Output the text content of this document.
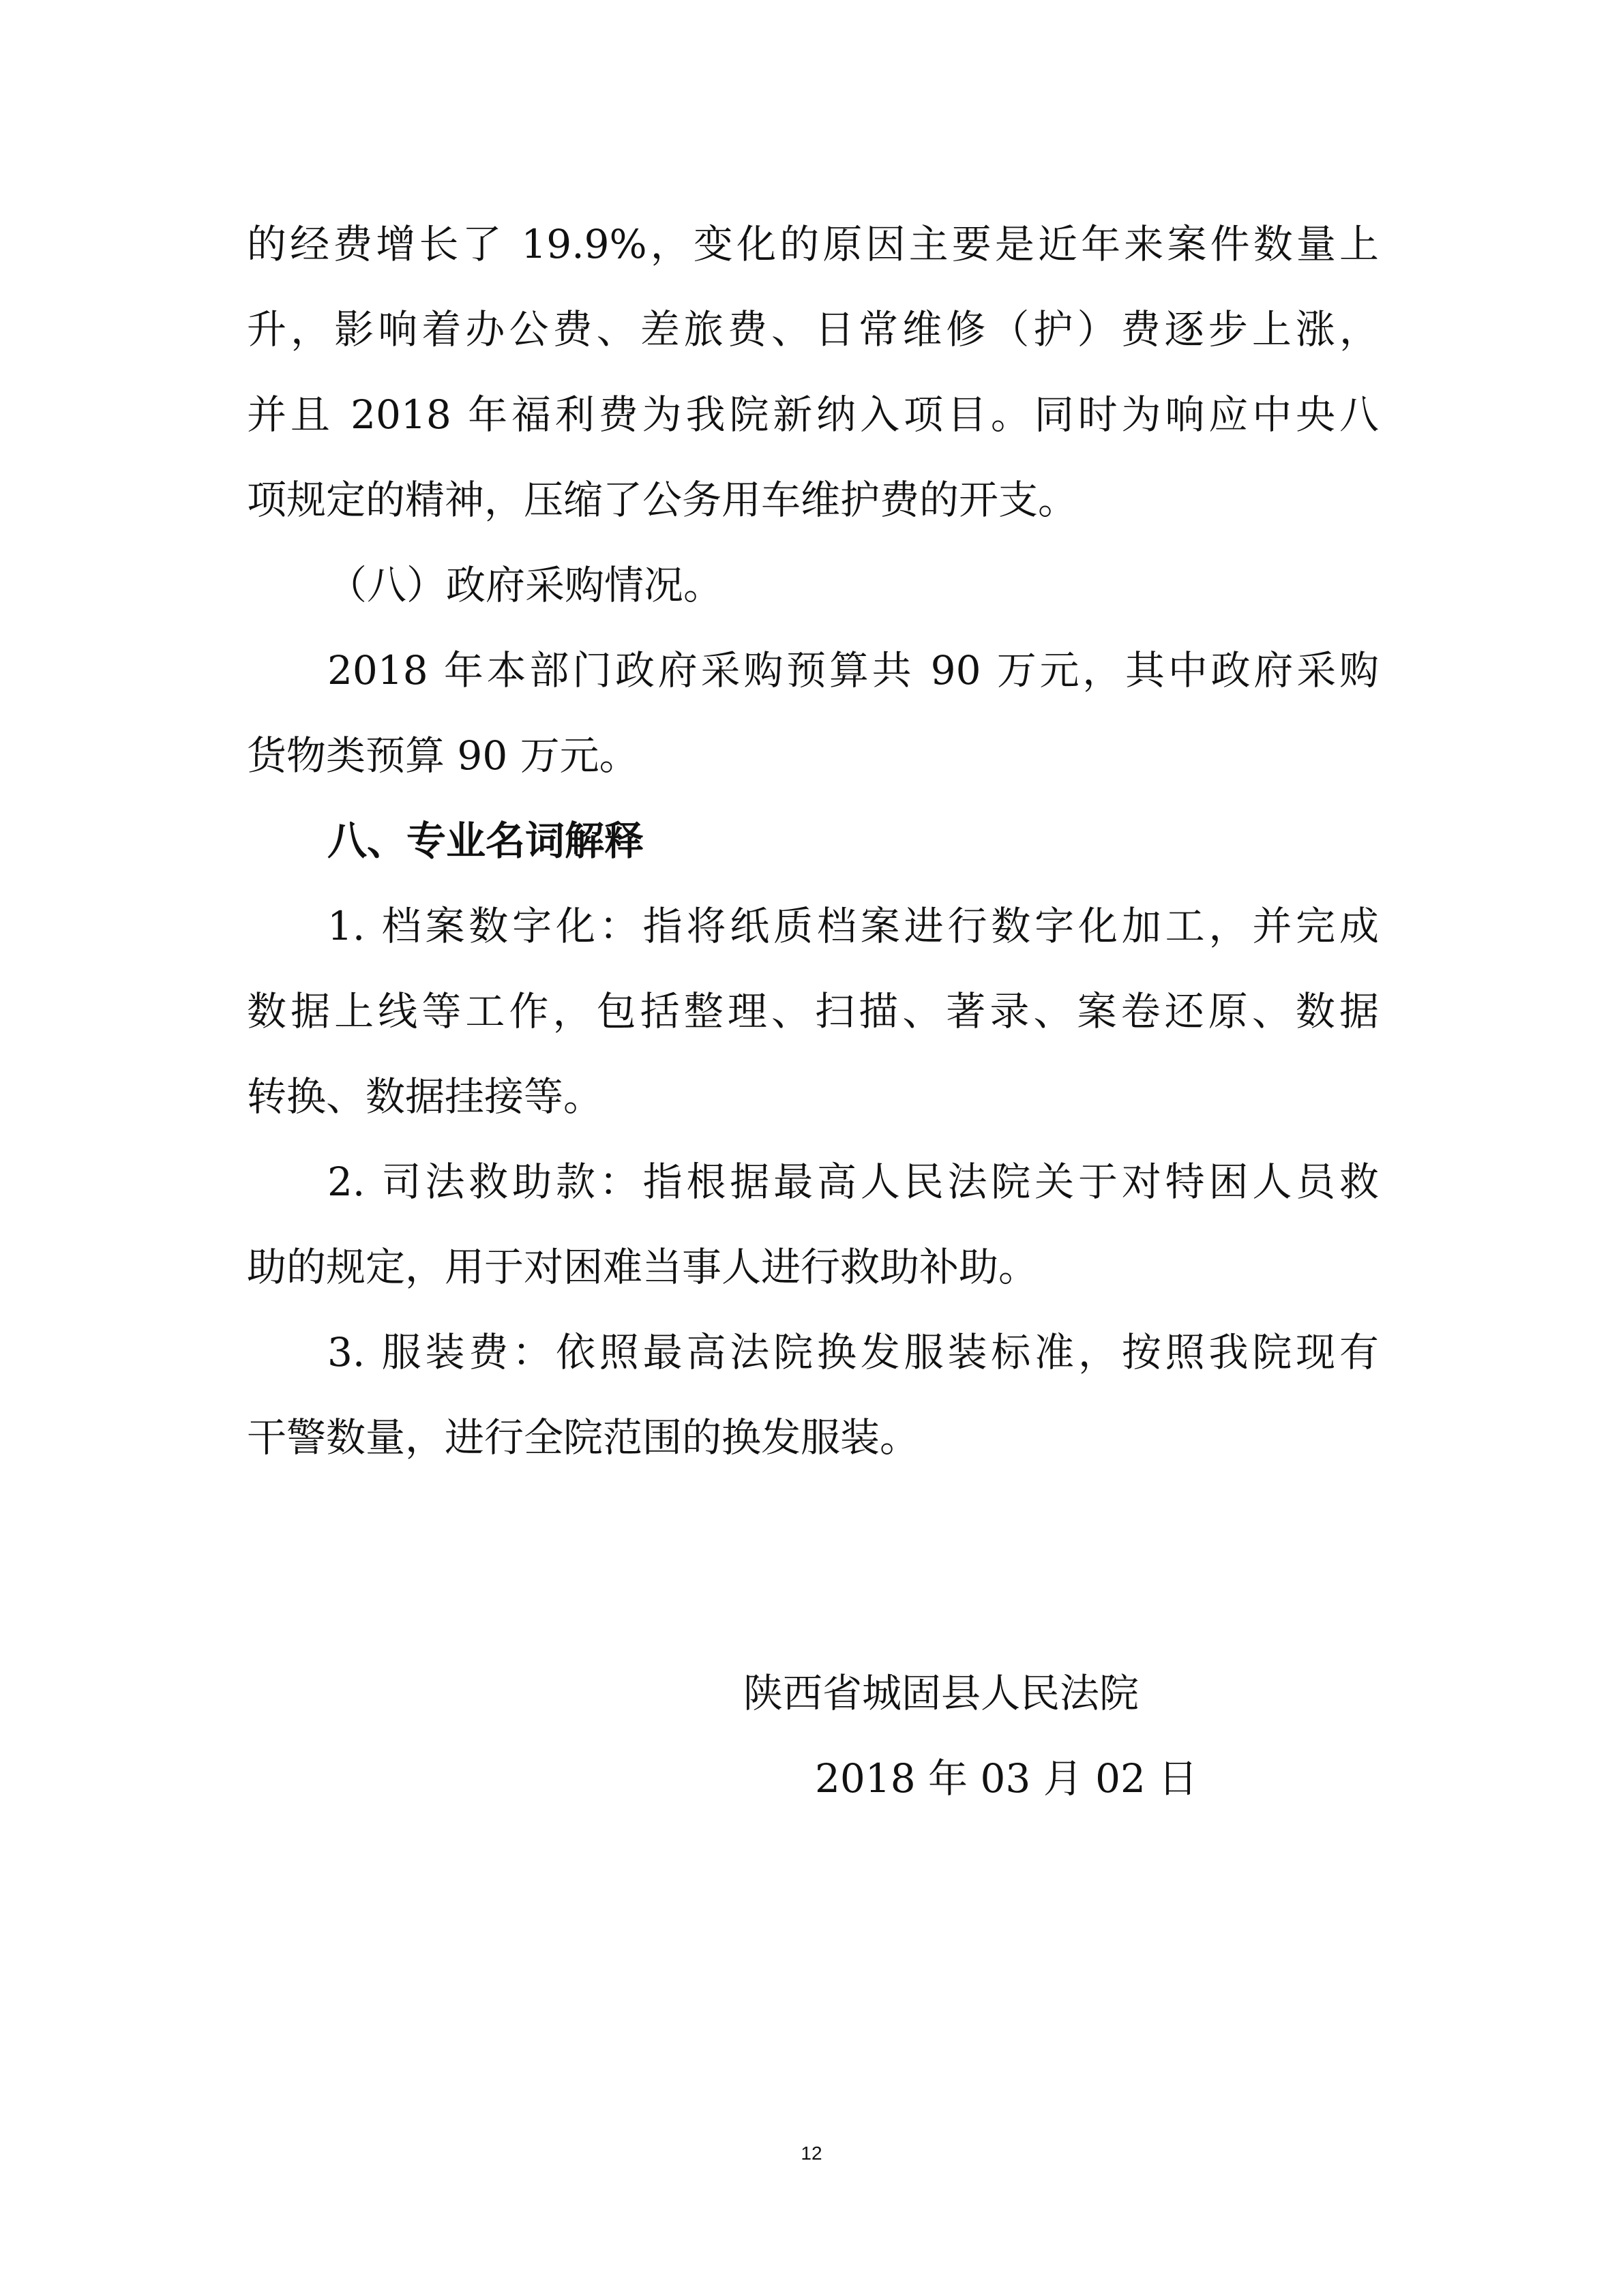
的经费增长了 19.9%，变化的原因主要是近年来案件数量上
升，影响着办公费、差旅费、日常维修（护）费逐步上涨，
并且 2018 年福利费为我院新纳入项目。同时为响应中央八
项规定的精神，压缩了公务用车维护费的开支。
（八）政府采购情况。
2018 年本部门政府采购预算共 90 万元，其中政府采购
货物类预算 90 万元。
八、专业名词解释
1. 档案数字化：指将纸质档案进行数字化加工，并完成
数据上线等工作，包括整理、扫描、著录、案卷还原、数据
转换、数据挂接等。
2. 司法救助款：指根据最高人民法院关于对特困人员救
助的规定，用于对困难当事人进行救助补助。
3. 服装费：依照最高法院换发服装标准，按照我院现有
干警数量，进行全院范围的换发服装。
陕西省城固县人民法院
2018 年 03 月 02 日
12
